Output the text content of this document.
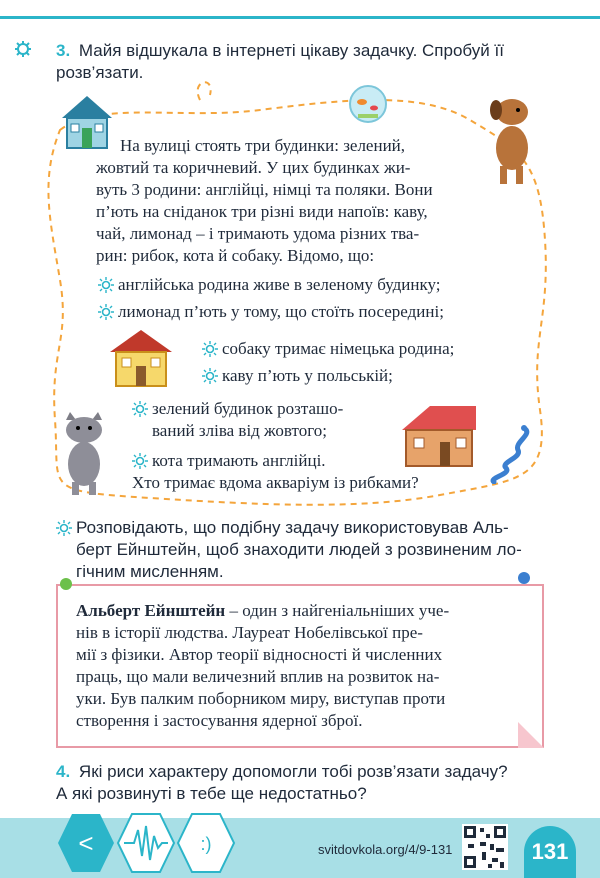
3. Майя відшукала в інтернеті цікаву задачку. Спробуй її
розв’язати.
На вулиці стоять три будинки: зелений,
жовтий та коричневий. У цих будинках жи-
вуть 3 родини: англійці, німці та поляки. Вони
п’ють на сніданок три різні види напоїв: каву,
чай, лимонад – і тримають удома різних тва-
рин: рибок, кота й собаку. Відомо, що:
англійська родина живе в зеленому будинку;
лимонад п’ють у тому, що стоїть посередині;
собаку тримає німецька родина;
каву п’ють у польській;
зелений будинок розташо-
ваний зліва від жовтого;
кота тримають англійці.
Хто тримає вдома акваріум із рибками?
Розповідають, що подібну задачу використовував Аль-
берт Ейнштейн, щоб знаходити людей з розвиненим ло-
гічним мисленням.

Альберт Ейнштейн – один з найгеніальніших уче-
нів в історії людства. Лауреат Нобелівської пре-
мії з фізики. Автор теорії відносності й численних
праць, що мали величезний вплив на розвиток на-
уки. Був палким поборником миру, виступав проти
створення і застосування ядерної зброї.

4. Які риси характеру допомогли тобі розв’язати задачу?
А які розвинуті в тебе ще недостатньо?
<	:)	svitdovkola.org/4/9-131	131
